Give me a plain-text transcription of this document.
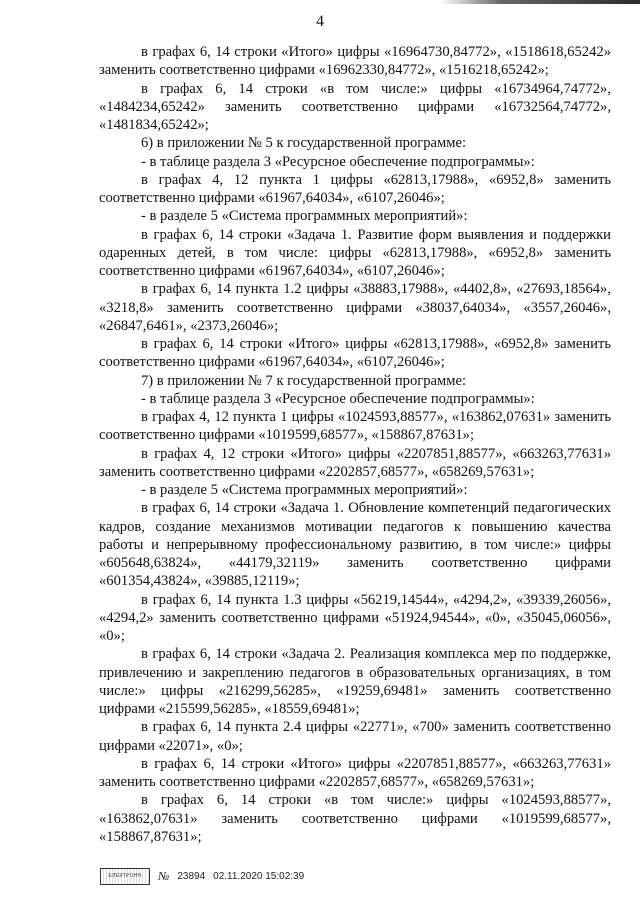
4

в графах 6, 14 строки «Итого» цифры «16964730,84772», «1518618,65242» заменить соответственно цифрами «16962330,84772», «1516218,65242»;

в графах 6, 14 строки «в том числе:» цифры «16734964,74772», «1484234,65242» заменить соответственно цифрами «16732564,74772», «1481834,65242»;

6) в приложении № 5 к государственной программе:

- в таблице раздела 3 «Ресурсное обеспечение подпрограммы»:

в графах 4, 12 пункта 1 цифры «62813,17988», «6952,8» заменить соответственно цифрами «61967,64034», «6107,26046»;

- в разделе 5 «Система программных мероприятий»:

в графах 6, 14 строки «Задача 1. Развитие форм выявления и поддержки одаренных детей, в том числе: цифры «62813,17988», «6952,8» заменить соответственно цифрами «61967,64034», «6107,26046»;

в графах 6, 14 пункта 1.2 цифры «38883,17988», «4402,8», «27693,18564», «3218,8» заменить соответственно цифрами «38037,64034», «3557,26046», «26847,6461», «2373,26046»;

в графах 6, 14 строки «Итого» цифры «62813,17988», «6952,8» заменить соответственно цифрами «61967,64034», «6107,26046»;

7) в приложении № 7 к государственной программе:

- в таблице раздела 3 «Ресурсное обеспечение подпрограммы»:

в графах 4, 12 пункта 1 цифры «1024593,88577», «163862,07631» заменить соответственно цифрами «1019599,68577», «158867,87631»;

в графах 4, 12 строки «Итого» цифры «2207851,88577», «663263,77631» заменить соответственно цифрами «2202857,68577», «658269,57631»;

- в разделе 5 «Система программных мероприятий»:

в графах 6, 14 строки «Задача 1. Обновление компетенций педагогических кадров, создание механизмов мотивации педагогов к повышению качества работы и непрерывному профессиональному развитию, в том числе:» цифры «605648,63824», «44179,32119» заменить соответственно цифрами «601354,43824», «39885,12119»;

в графах 6, 14 пункта 1.3 цифры «56219,14544», «4294,2», «39339,26056», «4294,2» заменить соответственно цифрами «51924,94544», «0», «35045,06056», «0»;

в графах 6, 14 строки «Задача 2. Реализация комплекса мер по поддержке, привлечению и закреплению педагогов в образовательных организациях, в том числе:» цифры «216299,56285», «19259,69481» заменить соответственно цифрами «215599,56285», «18559,69481»;

в графах 6, 14 пункта 2.4 цифры «22771», «700» заменить соответственно цифрами «22071», «0»;

в графах 6, 14 строки «Итого» цифры «2207851,88577», «663263,77631» заменить соответственно цифрами «2202857,68577», «658269,57631»;

в графах 6, 14 строки «в том числе:» цифры «1024593,88577», «163862,07631» заменить соответственно цифрами «1019599,68577», «158867,87631»;

ЕЛЕКТРОНН	№ 23894 02.11.2020 15:02:39
